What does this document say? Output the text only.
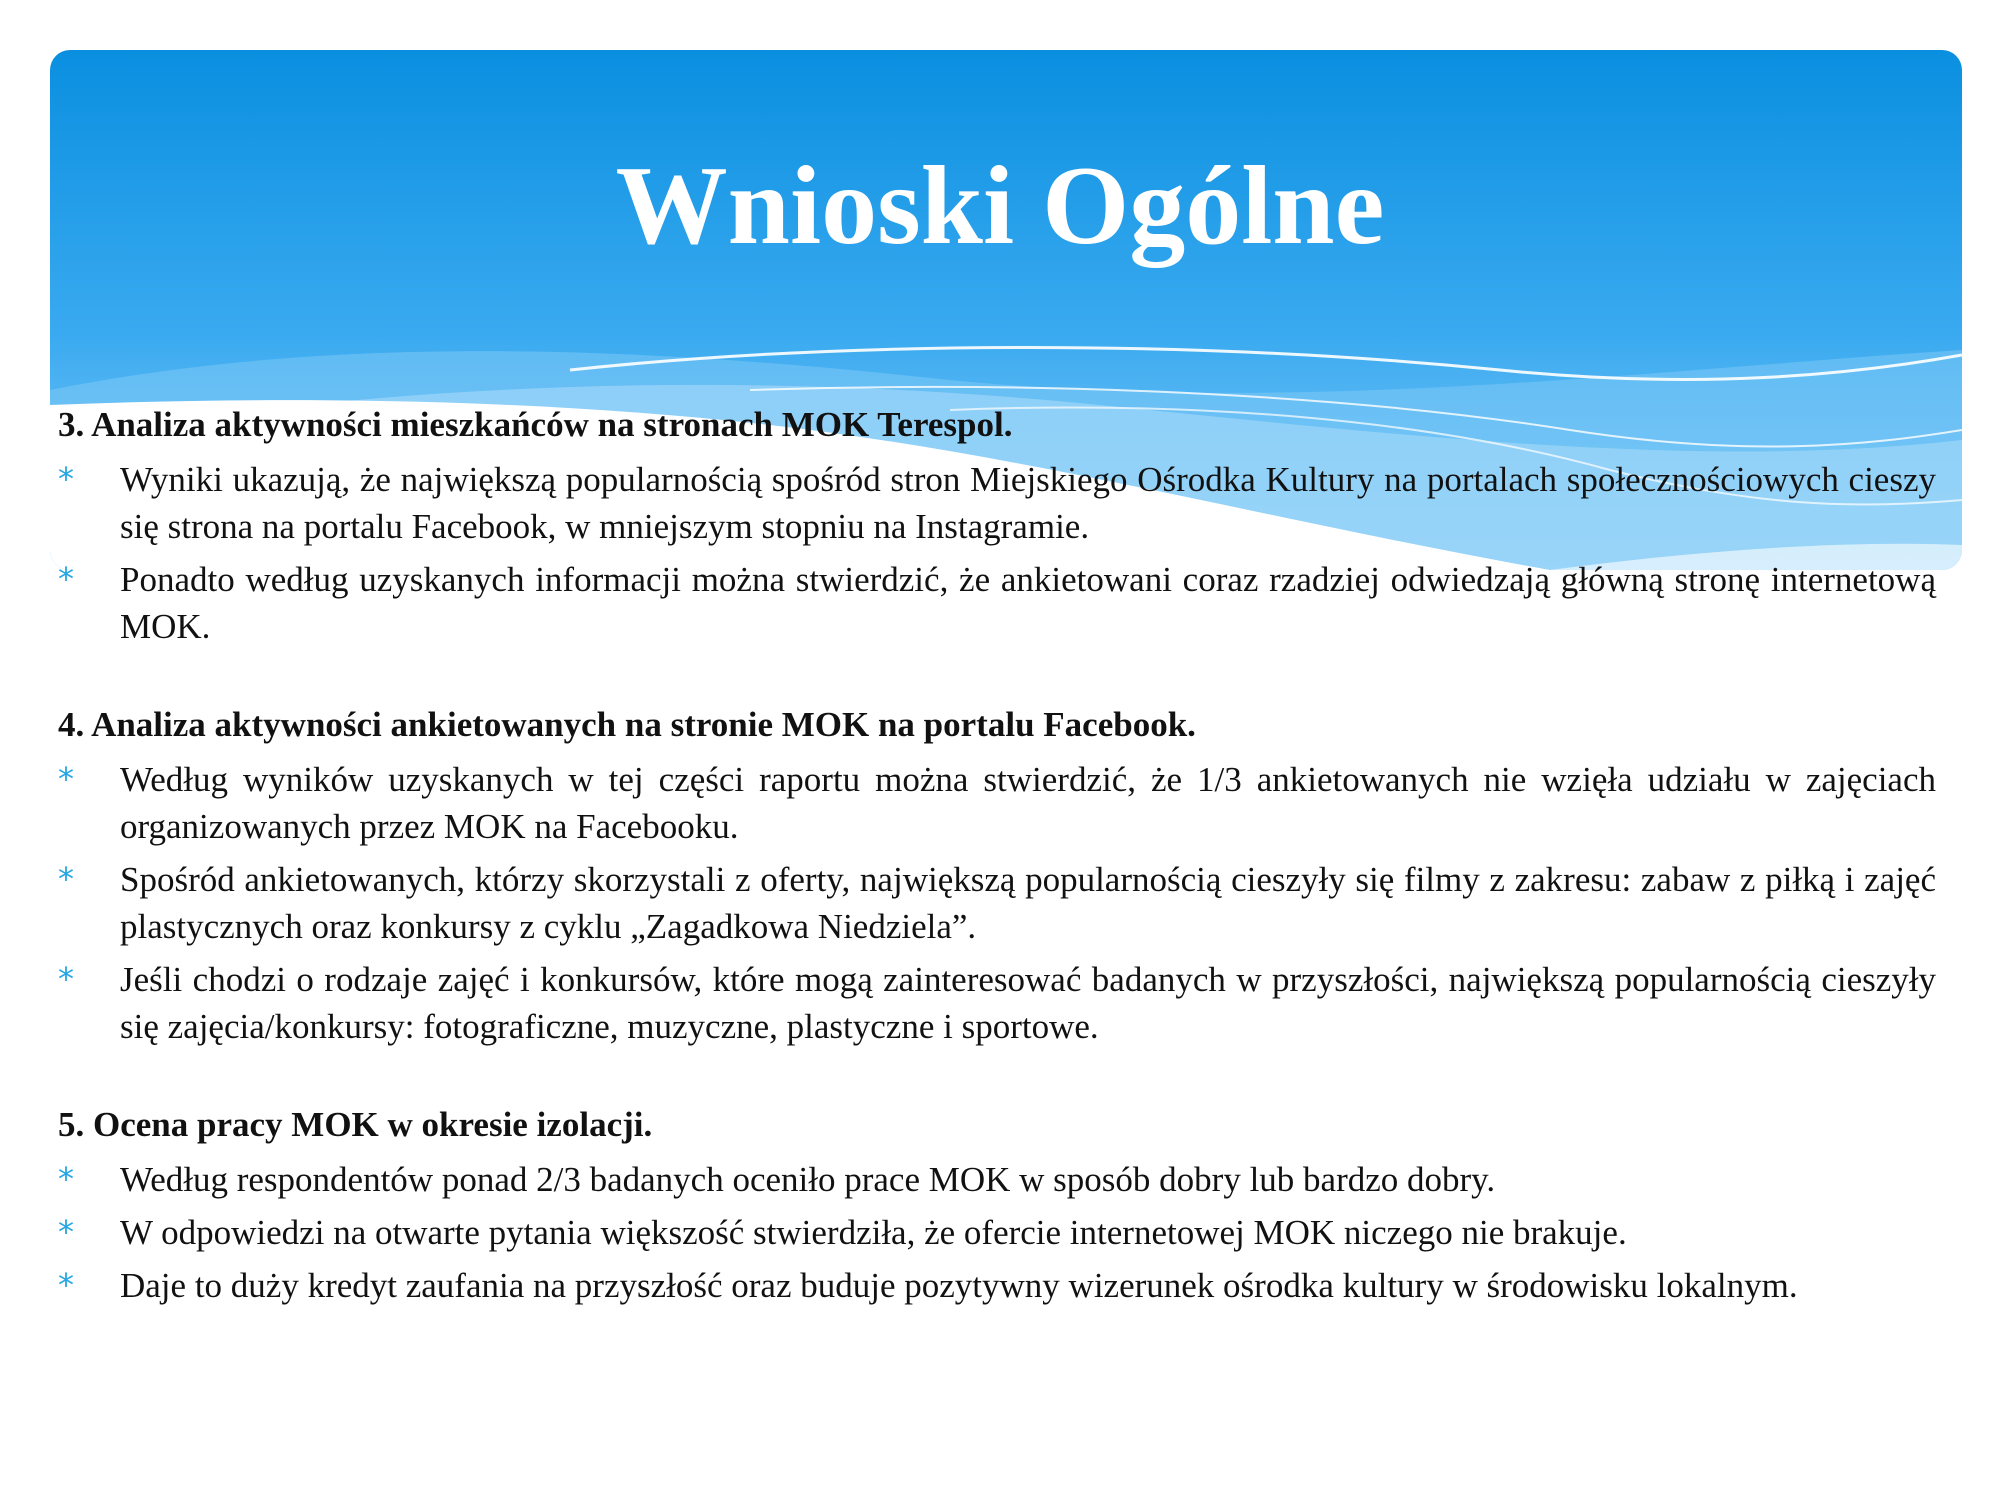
Wnioski Ogólne
3. Analiza aktywności mieszkańców na stronach MOK Terespol.
*	Wyniki ukazują, że największą popularnością spośród stron Miejskiego Ośrodka Kultury na portalach społecznościowych cieszy się strona na portalu Facebook, w mniejszym stopniu na Instagramie.
*	Ponadto według uzyskanych informacji można stwierdzić, że ankietowani coraz rzadziej odwiedzają główną stronę internetową MOK.
4. Analiza aktywności ankietowanych na stronie MOK na portalu Facebook.
*	Według wyników uzyskanych w tej części raportu można stwierdzić, że 1/3 ankietowanych nie wzięła udziału w zajęciach organizowanych przez MOK na Facebooku.
*	Spośród ankietowanych, którzy skorzystali z oferty, największą popularnością cieszyły się filmy z zakresu: zabaw z piłką i zajęć plastycznych oraz konkursy z cyklu „Zagadkowa Niedziela”.
*	Jeśli chodzi o rodzaje zajęć i konkursów, które mogą zainteresować badanych w przyszłości, największą popularnością cieszyły się zajęcia/konkursy: fotograficzne, muzyczne, plastyczne i sportowe.
5. Ocena pracy MOK w okresie izolacji.
*	Według respondentów ponad 2/3 badanych oceniło prace MOK w sposób dobry lub bardzo dobry.
*	W odpowiedzi na otwarte pytania większość stwierdziła, że ofercie internetowej MOK niczego nie brakuje.
*	Daje to duży kredyt zaufania na przyszłość oraz buduje pozytywny wizerunek ośrodka kultury w środowisku lokalnym.
